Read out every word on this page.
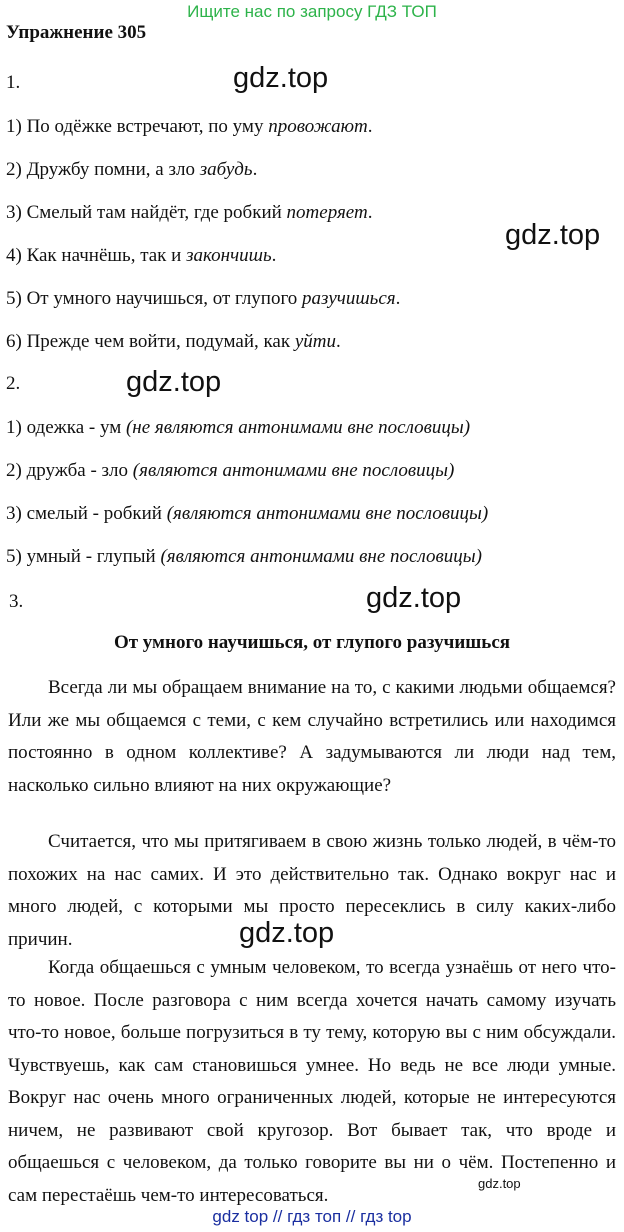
Ищите нас по запросу ГДЗ ТОП
Упражнение 305
1.	gdz.top
1) По одёжке встречают, по уму провожают.
2) Дружбу помни, а зло забудь.
3) Смелый там найдёт, где робкий потеряет.
gdz.top
4) Как начнёшь, так и закончишь.
5) От умного научишься, от глупого разучишься.
6) Прежде чем войти, подумай, как уйти.
2.	gdz.top
1) одежка - ум (не являются антонимами вне пословицы)
2) дружба - зло (являются антонимами вне пословицы)
3) смелый - робкий (являются антонимами вне пословицы)
5) умный - глупый (являются антонимами вне пословицы)
3.	gdz.top
От умного научишься, от глупого разучишься
Всегда ли мы обращаем внимание на то, с какими людьми общаемся? Или же мы общаемся с теми, с кем случайно встретились или находимся постоянно в одном коллективе? А задумываются ли люди над тем, насколько сильно влияют на них окружающие?
Считается, что мы притягиваем в свою жизнь только людей, в чём-то похожих на нас самих. И это действительно так. Однако вокруг нас и много людей, с которыми мы просто пересеклись в силу каких-либо причин.	gdz.top
Когда общаешься с умным человеком, то всегда узнаёшь от него что-то новое. После разговора с ним всегда хочется начать самому изучать что-то новое, больше погрузиться в ту тему, которую вы с ним обсуждали. Чувствуешь, как сам становишься умнее. Но ведь не все люди умные. Вокруг нас очень много ограниченных людей, которые не интересуются ничем, не развивают свой кругозор. Вот бывает так, что вроде и общаешься с человеком, да только говорите вы ни о чём. Постепенно и сам перестаёшь чем-то интересоваться.
gdz.top
gdz top // гдз топ // гдз top
